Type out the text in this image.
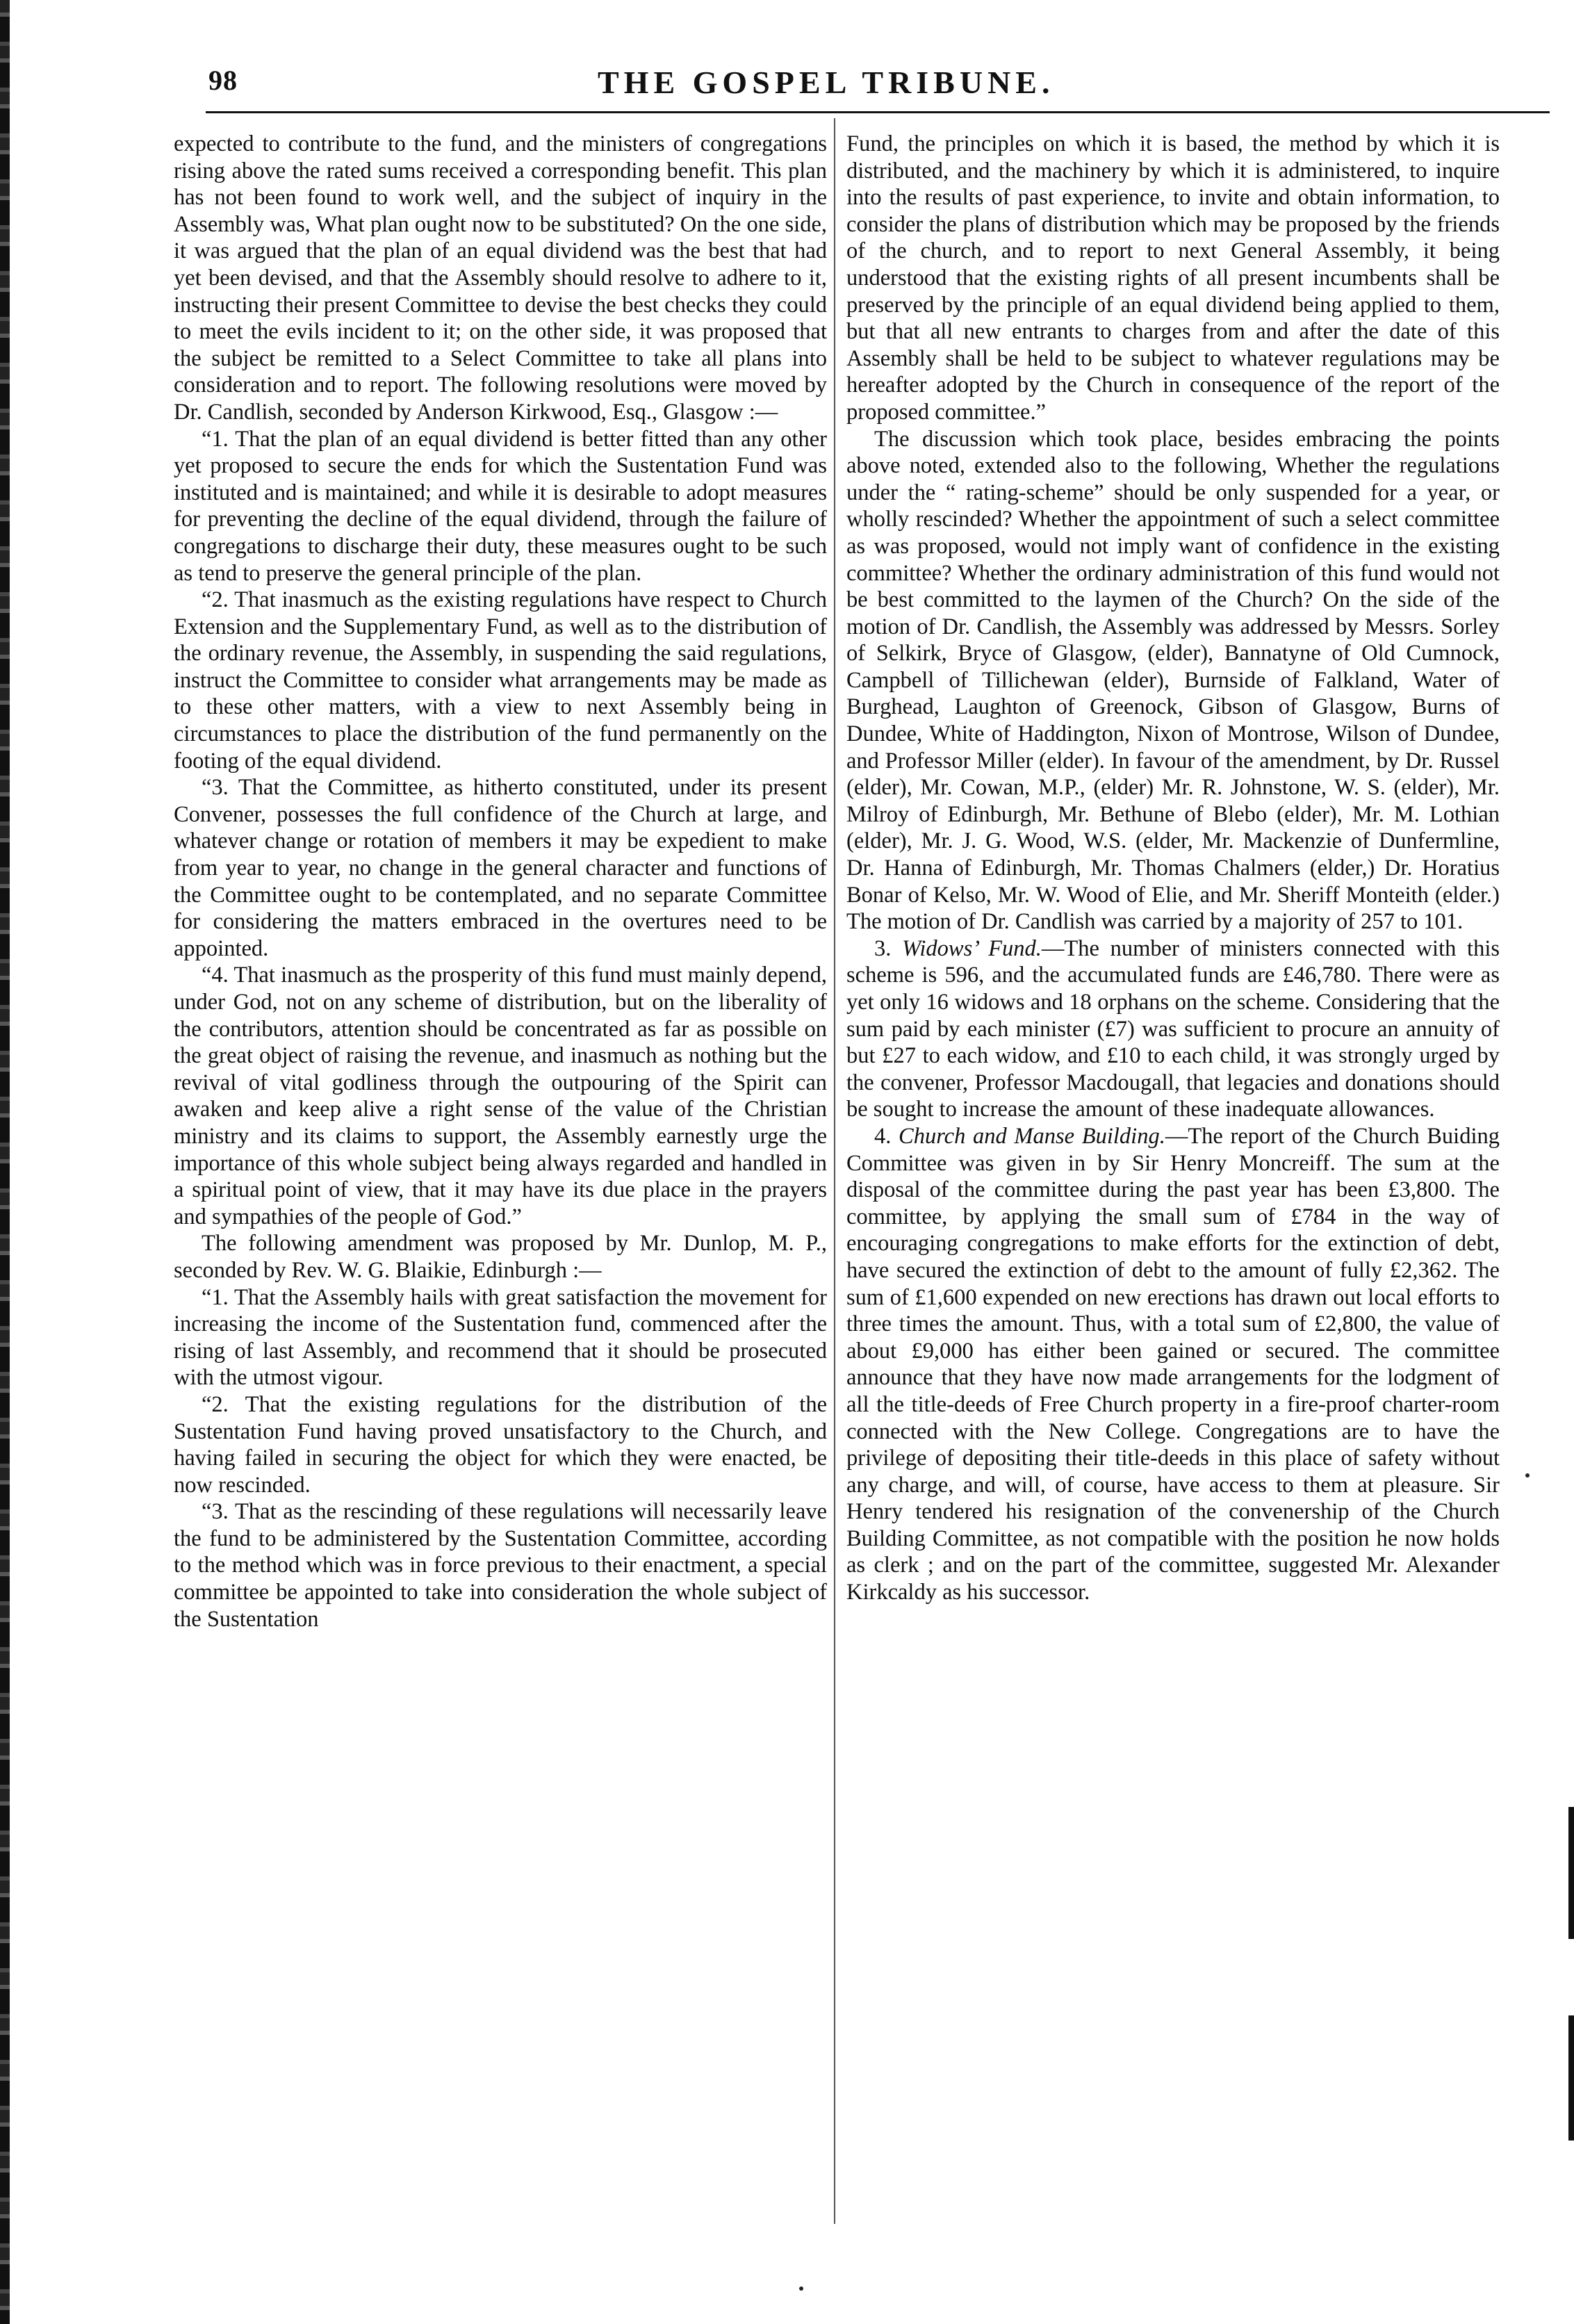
98	THE GOSPEL TRIBUNE.

expected to contribute to the fund, and the ministers of congregations rising above the rated sums received a corresponding benefit. This plan has not been found to work well, and the subject of inquiry in the Assembly was, What plan ought now to be substituted? On the one side, it was argued that the plan of an equal dividend was the best that had yet been devised, and that the Assembly should resolve to adhere to it, instructing their present Committee to devise the best checks they could to meet the evils incident to it; on the other side, it was proposed that the subject be remitted to a Select Committee to take all plans into consideration and to report. The following resolutions were moved by Dr. Candlish, seconded by Anderson Kirkwood, Esq., Glasgow :—

“1. That the plan of an equal dividend is better fitted than any other yet proposed to secure the ends for which the Sustentation Fund was instituted and is maintained; and while it is desirable to adopt measures for preventing the decline of the equal dividend, through the failure of congregations to discharge their duty, these measures ought to be such as tend to preserve the general principle of the plan.

“2. That inasmuch as the existing regulations have respect to Church Extension and the Supplementary Fund, as well as to the distribution of the ordinary revenue, the Assembly, in suspending the said regulations, instruct the Committee to consider what arrangements may be made as to these other matters, with a view to next Assembly being in circumstances to place the distribution of the fund permanently on the footing of the equal dividend.

“3. That the Committee, as hitherto constituted, under its present Convener, possesses the full confidence of the Church at large, and whatever change or rotation of members it may be expedient to make from year to year, no change in the general character and functions of the Committee ought to be contemplated, and no separate Committee for considering the matters embraced in the overtures need to be appointed.

“4. That inasmuch as the prosperity of this fund must mainly depend, under God, not on any scheme of distribution, but on the liberality of the contributors, attention should be concentrated as far as possible on the great object of raising the revenue, and inasmuch as nothing but the revival of vital godliness through the outpouring of the Spirit can awaken and keep alive a right sense of the value of the Christian ministry and its claims to support, the Assembly earnestly urge the importance of this whole subject being always regarded and handled in a spiritual point of view, that it may have its due place in the prayers and sympathies of the people of God.”

The following amendment was proposed by Mr. Dunlop, M. P., seconded by Rev. W. G. Blaikie, Edinburgh :—

“1. That the Assembly hails with great satisfaction the movement for increasing the income of the Sustentation fund, commenced after the rising of last Assembly, and recommend that it should be prosecuted with the utmost vigour.

“2. That the existing regulations for the distribution of the Sustentation Fund having proved unsatisfactory to the Church, and having failed in securing the object for which they were enacted, be now rescinded.

“3. That as the rescinding of these regulations will necessarily leave the fund to be administered by the Sustentation Committee, according to the method which was in force previous to their enactment, a special committee be appointed to take into consideration the whole subject of the Sustentation

Fund, the principles on which it is based, the method by which it is distributed, and the machinery by which it is administered, to inquire into the results of past experience, to invite and obtain information, to consider the plans of distribution which may be proposed by the friends of the church, and to report to next General Assembly, it being understood that the existing rights of all present incumbents shall be preserved by the principle of an equal dividend being applied to them, but that all new entrants to charges from and after the date of this Assembly shall be held to be subject to whatever regulations may be hereafter adopted by the Church in consequence of the report of the proposed committee.”

The discussion which took place, besides embracing the points above noted, extended also to the following, Whether the regulations under the “ rating-scheme” should be only suspended for a year, or wholly rescinded? Whether the appointment of such a select committee as was proposed, would not imply want of confidence in the existing committee? Whether the ordinary administration of this fund would not be best committed to the laymen of the Church? On the side of the motion of Dr. Candlish, the Assembly was addressed by Messrs. Sorley of Selkirk, Bryce of Glasgow, (elder), Bannatyne of Old Cumnock, Campbell of Tillichewan (elder), Burnside of Falkland, Water of Burghead, Laughton of Greenock, Gibson of Glasgow, Burns of Dundee, White of Haddington, Nixon of Montrose, Wilson of Dundee, and Professor Miller (elder). In favour of the amendment, by Dr. Russel (elder), Mr. Cowan, M.P., (elder) Mr. R. Johnstone, W. S. (elder), Mr. Milroy of Edinburgh, Mr. Bethune of Blebo (elder), Mr. M. Lothian (elder), Mr. J. G. Wood, W.S. (elder, Mr. Mackenzie of Dunfermline, Dr. Hanna of Edinburgh, Mr. Thomas Chalmers (elder,) Dr. Horatius Bonar of Kelso, Mr. W. Wood of Elie, and Mr. Sheriff Monteith (elder.) The motion of Dr. Candlish was carried by a majority of 257 to 101.

3. Widows’ Fund.—The number of ministers connected with this scheme is 596, and the accumulated funds are £46,780. There were as yet only 16 widows and 18 orphans on the scheme. Considering that the sum paid by each minister (£7) was sufficient to procure an annuity of but £27 to each widow, and £10 to each child, it was strongly urged by the convener, Professor Macdougall, that legacies and donations should be sought to increase the amount of these inadequate allowances.

4. Church and Manse Building.—The report of the Church Buiding Committee was given in by Sir Henry Moncreiff. The sum at the disposal of the committee during the past year has been £3,800. The committee, by applying the small sum of £784 in the way of encouraging congregations to make efforts for the extinction of debt, have secured the extinction of debt to the amount of fully £2,362. The sum of £1,600 expended on new erections has drawn out local efforts to three times the amount. Thus, with a total sum of £2,800, the value of about £9,000 has either been gained or secured. The committee announce that they have now made arrangements for the lodgment of all the title-deeds of Free Church property in a fire-proof charter-room connected with the New College. Congregations are to have the privilege of depositing their title-deeds in this place of safety without any charge, and will, of course, have access to them at pleasure. Sir Henry tendered his resignation of the convenership of the Church Building Committee, as not compatible with the position he now holds as clerk ; and on the part of the committee, suggested Mr. Alexander Kirkcaldy as his successor.
